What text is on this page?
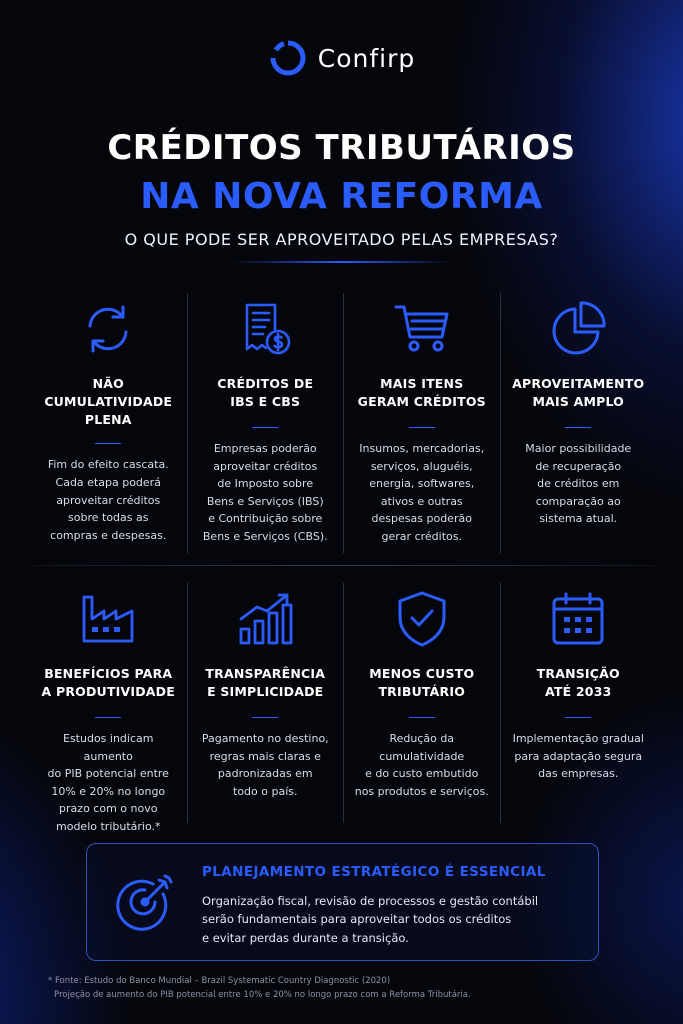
Confirp
CRÉDITOS TRIBUTÁRIOS
NA NOVA REFORMA
O QUE PODE SER APROVEITADO PELAS EMPRESAS?
NÃO CUMULATIVIDADE
PLENA
Fim do efeito cascata.
Cada etapa poderá
aproveitar créditos
sobre todas as
compras e despesas.
CRÉDITOS DE
IBS E CBS
Empresas poderão
aproveitar créditos
de Imposto sobre
Bens e Serviços (IBS)
e Contribuição sobre
Bens e Serviços (CBS).
MAIS ITENS
GERAM CRÉDITOS
Insumos, mercadorias,
serviços, aluguéis,
energia, softwares,
ativos e outras
despesas poderão
gerar créditos.
APROVEITAMENTO
MAIS AMPLO
Maior possibilidade
de recuperação
de créditos em
comparação ao
sistema atual.
BENEFÍCIOS PARA
A PRODUTIVIDADE
Estudos indicam aumento
do PIB potencial entre
10% e 20% no longo
prazo com o novo
modelo tributário.*
TRANSPARÊNCIA
E SIMPLICIDADE
Pagamento no destino,
regras mais claras e
padronizadas em
todo o país.
MENOS CUSTO
TRIBUTÁRIO
Redução da cumulatividade
e do custo embutido
nos produtos e serviços.
TRANSIÇÃO
ATÉ 2033
Implementação gradual
para adaptação segura
das empresas.
PLANEJAMENTO ESTRATÉGICO É ESSENCIAL
Organização fiscal, revisão de processos e gestão contábil
serão fundamentais para aproveitar todos os créditos
e evitar perdas durante a transição.
* Fonte: Estudo do Banco Mundial – Brazil Systematic Country Diagnostic (2020)
Projeção de aumento do PIB potencial entre 10% e 20% no longo prazo com a Reforma Tributária.
